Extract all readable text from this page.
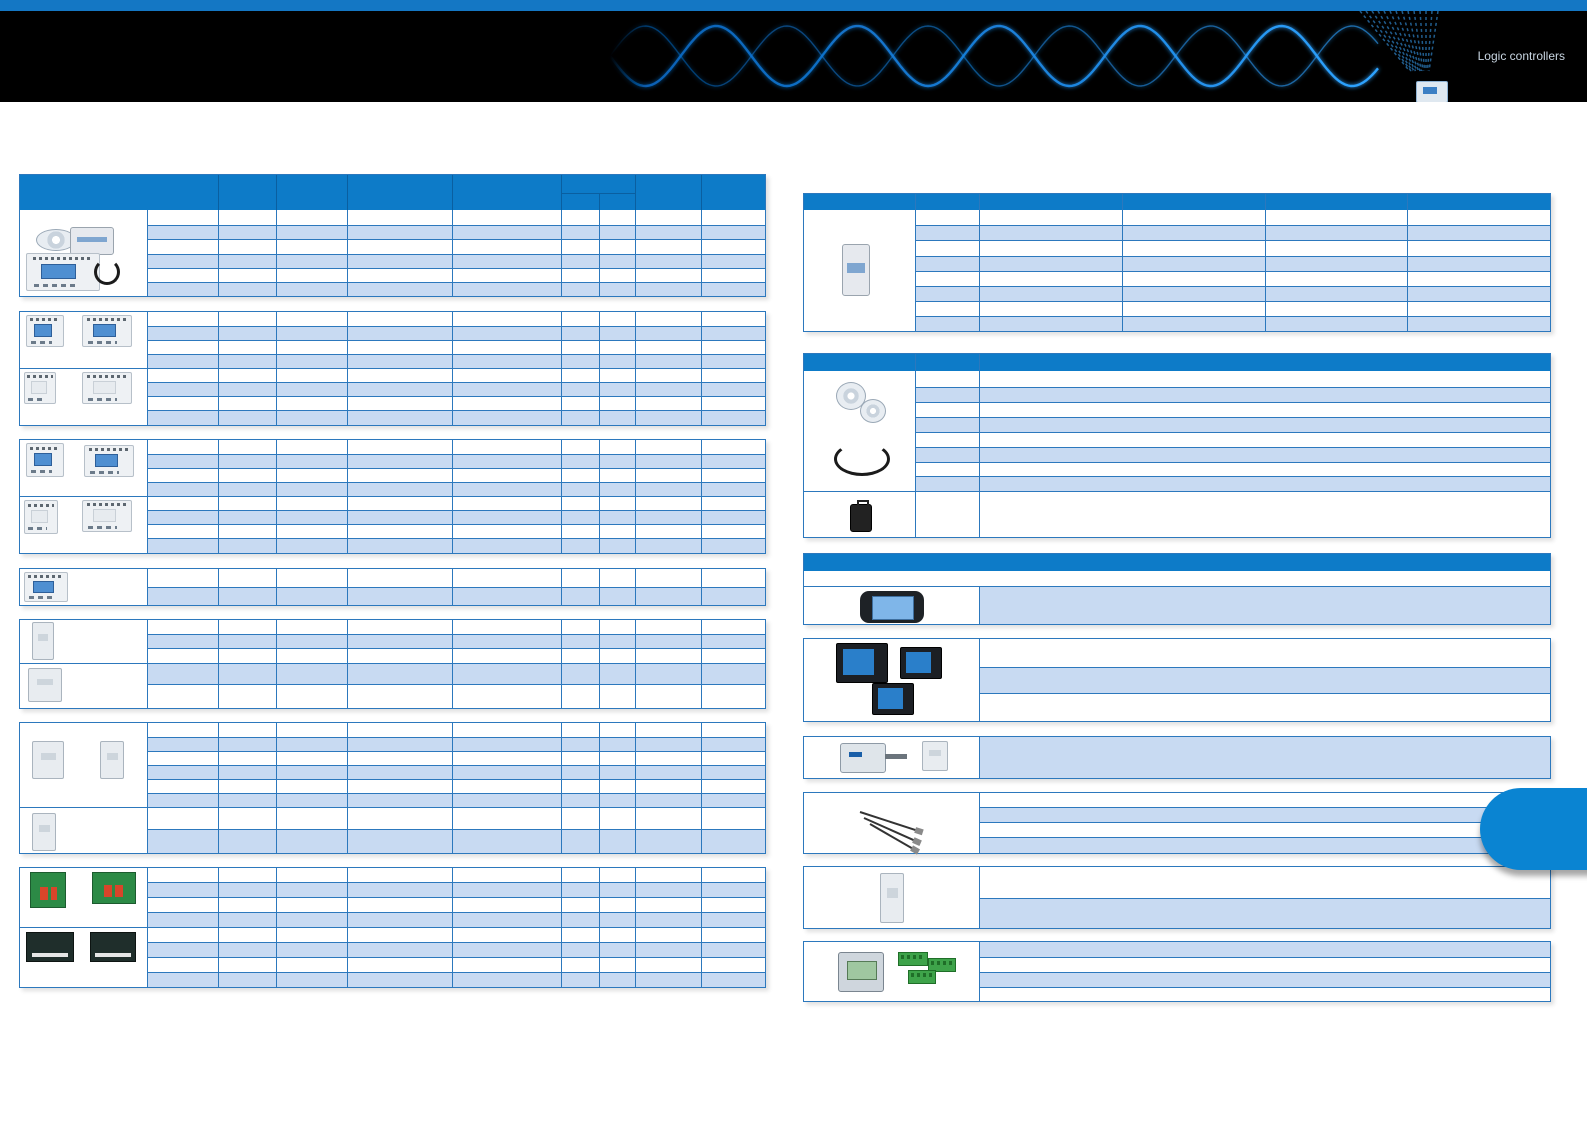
Logic controllers
